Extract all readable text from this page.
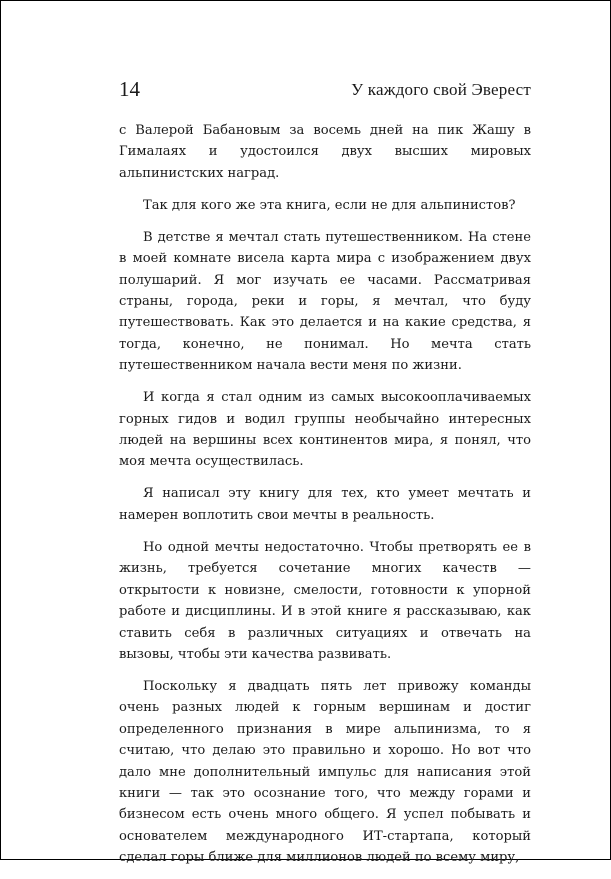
14	У каждого свой Эверест

с Валерой Бабановым за восемь дней на пик Жашу в Гималаях и удостоился двух высших мировых альпинистских наград.

Так для кого же эта книга, если не для альпинистов?

В детстве я мечтал стать путешественником. На стене в моей комнате висела карта мира с изображением двух полушарий. Я мог изучать ее часами. Рассматривая страны, города, реки и горы, я мечтал, что буду путешествовать. Как это делается и на какие средства, я тогда, конечно, не понимал. Но мечта стать путешественником начала вести меня по жизни.

И когда я стал одним из самых высокооплачиваемых горных гидов и водил группы необычайно интересных людей на вершины всех континентов мира, я понял, что моя мечта осуществилась.

Я написал эту книгу для тех, кто умеет мечтать и намерен воплотить свои мечты в реальность.

Но одной мечты недостаточно. Чтобы претворять ее в жизнь, требуется сочетание многих качеств — открытости к новизне, смелости, готовности к упорной работе и дисциплины. И в этой книге я рассказываю, как ставить себя в различных ситуациях и отвечать на вызовы, чтобы эти качества развивать.

Поскольку я двадцать пять лет привожу команды очень разных людей к горным вершинам и достиг определенного признания в мире альпинизма, то я считаю, что делаю это правильно и хорошо. Но вот что дало мне дополнительный импульс для написания этой книги — так это осознание того, что между горами и бизнесом есть очень много общего. Я успел побывать и основателем международного ИТ-стартапа, который сделал горы ближе для миллионов людей по всему миру,
